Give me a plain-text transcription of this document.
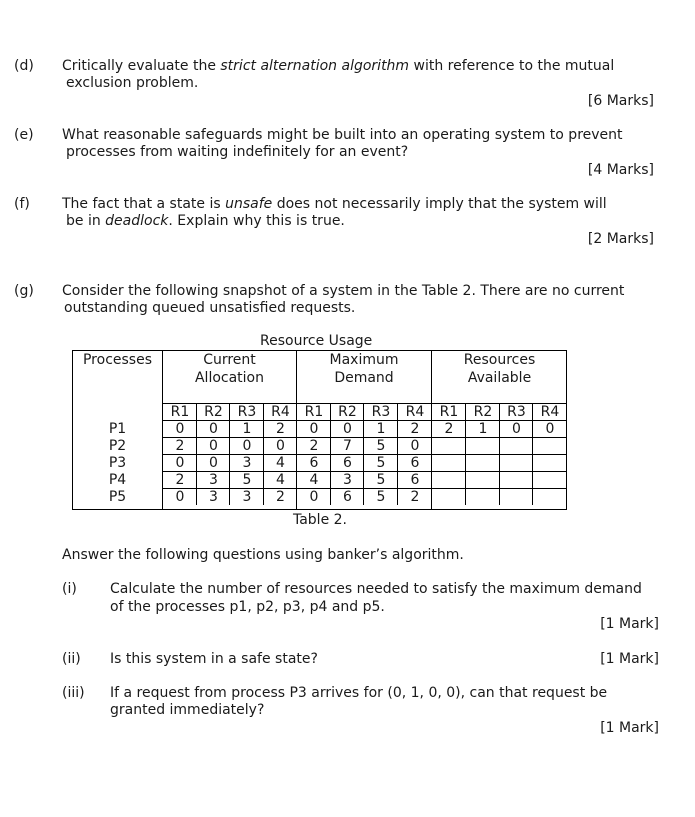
(d) Critically evaluate the strict alternation algorithm with reference to the mutual
exclusion problem.
[6 Marks]
(e) What reasonable safeguards might be built into an operating system to prevent
processes from waiting indefinitely for an event?
[4 Marks]
(f) The fact that a state is unsafe does not necessarily imply that the system will
be in deadlock. Explain why this is true.
[2 Marks]
(g) Consider the following snapshot of a system in the Table 2. There are no current
outstanding queued unsatisfied requests.
Resource Usage
Processes	Current
Allocation
Maximum
Demand
Resources
Available
R1	R2	R3	R4	R1	R2	R3	R4	R1	R2	R3	R4
P1	0	0	1	2	0	0	1	2	2	1	0	0
P2	2	0	0	0	2	7	5	0
P3	0	0	3	4	6	6	5	6
P4	2	3	5	4	4	3	5	6
P5	0	3	3	2	0	6	5	2
Table 2.
Answer the following questions using banker’s algorithm.
(i) Calculate the number of resources needed to satisfy the maximum demand
of the processes p1, p2, p3, p4 and p5.
[1 Mark]
(ii) Is this system in a safe state?	[1 Mark]
(iii) If a request from process P3 arrives for (0, 1, 0, 0), can that request be
granted immediately?
[1 Mark]
